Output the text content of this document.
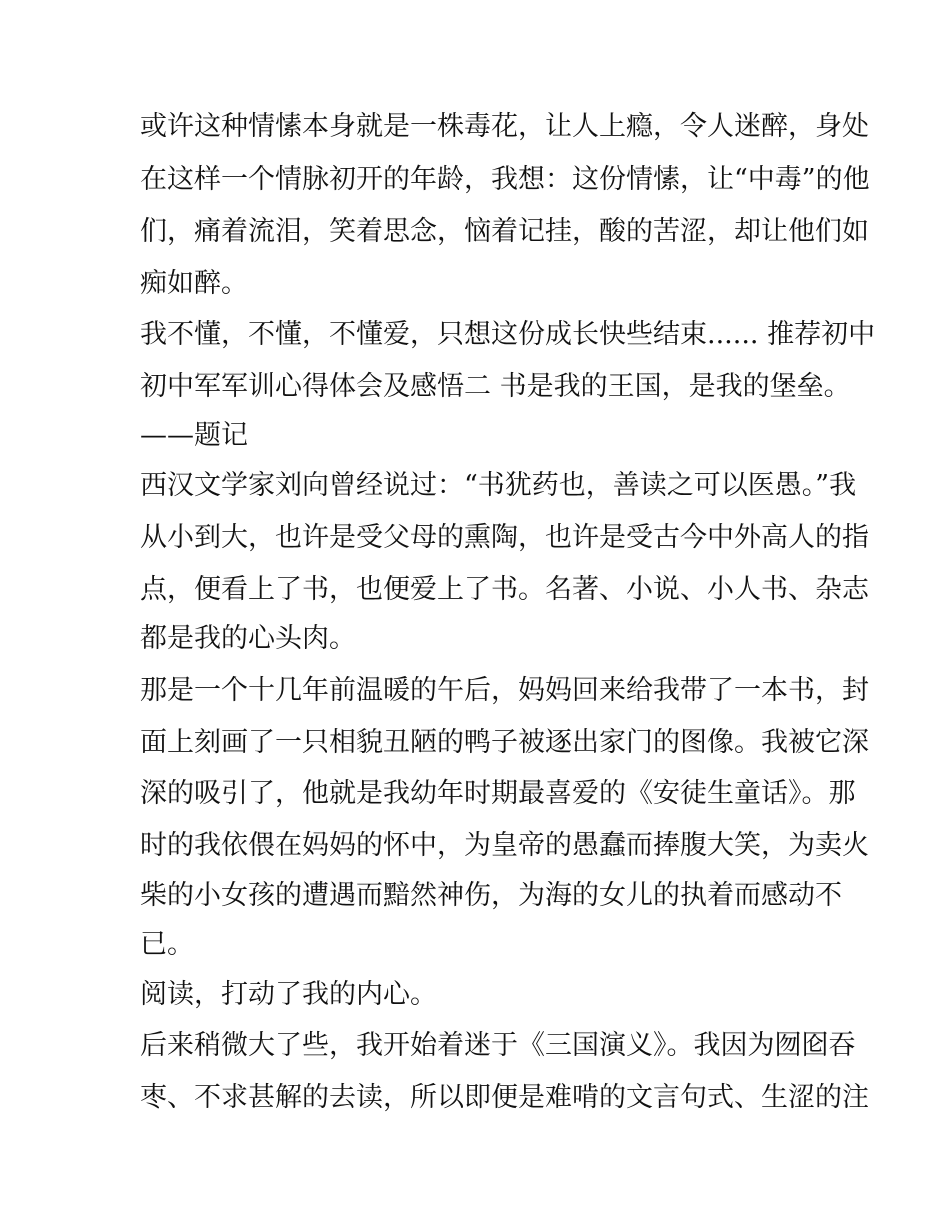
或许这种情愫本身就是一株毒花，让人上瘾，令人迷醉，身处
在这样一个情脉初开的年龄，我想：这份情愫，让“中毒”的他
们，痛着流泪，笑着思念，恼着记挂，酸的苦涩，却让他们如
痴如醉。
我不懂，不懂，不懂爱，只想这份成长快些结束...... 推荐初中
初中军军训心得体会及感悟二 书是我的王国，是我的堡垒。
——题记
西汉文学家刘向曾经说过：“书犹药也，善读之可以医愚。”我
从小到大，也许是受父母的熏陶，也许是受古今中外高人的指
点，便看上了书，也便爱上了书。名著、小说、小人书、杂志
都是我的心头肉。
那是一个十几年前温暖的午后，妈妈回来给我带了一本书，封
面上刻画了一只相貌丑陋的鸭子被逐出家门的图像。我被它深
深的吸引了，他就是我幼年时期最喜爱的《安徒生童话》。那
时的我依偎在妈妈的怀中，为皇帝的愚蠢而捧腹大笑，为卖火
柴的小女孩的遭遇而黯然神伤，为海的女儿的执着而感动不
已。
阅读，打动了我的内心。
后来稍微大了些，我开始着迷于《三国演义》。我因为囫囵吞
枣、不求甚解的去读，所以即便是难啃的文言句式、生涩的注
